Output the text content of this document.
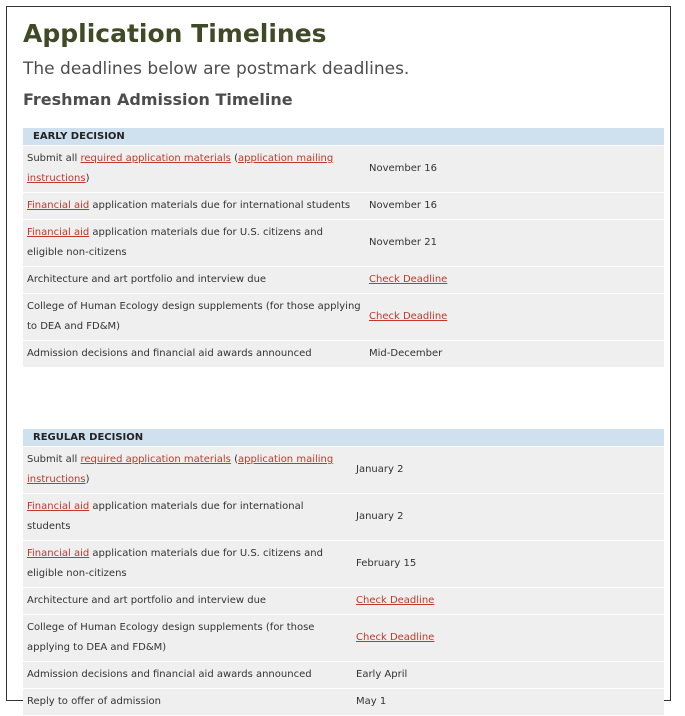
Application Timelines

The deadlines below are postmark deadlines.

Freshman Admission Timeline
EARLY DECISION	
Submit all required application materials (application mailing instructions)	November 16
Financial aid application materials due for international students	November 16
Financial aid application materials due for U.S. citizens and eligible non-citizens	November 21
Architecture and art portfolio and interview due	Check Deadline
College of Human Ecology design supplements (for those applying to DEA and FD&M)	Check Deadline
Admission decisions and financial aid awards announced	Mid-December
REGULAR DECISION	
Submit all required application materials (application mailing instructions)	January 2
Financial aid application materials due for international students	January 2
Financial aid application materials due for U.S. citizens and eligible non-citizens	February 15
Architecture and art portfolio and interview due	Check Deadline
College of Human Ecology design supplements (for those applying to DEA and FD&M)	Check Deadline
Admission decisions and financial aid awards announced	Early April
Reply to offer of admission	May 1
